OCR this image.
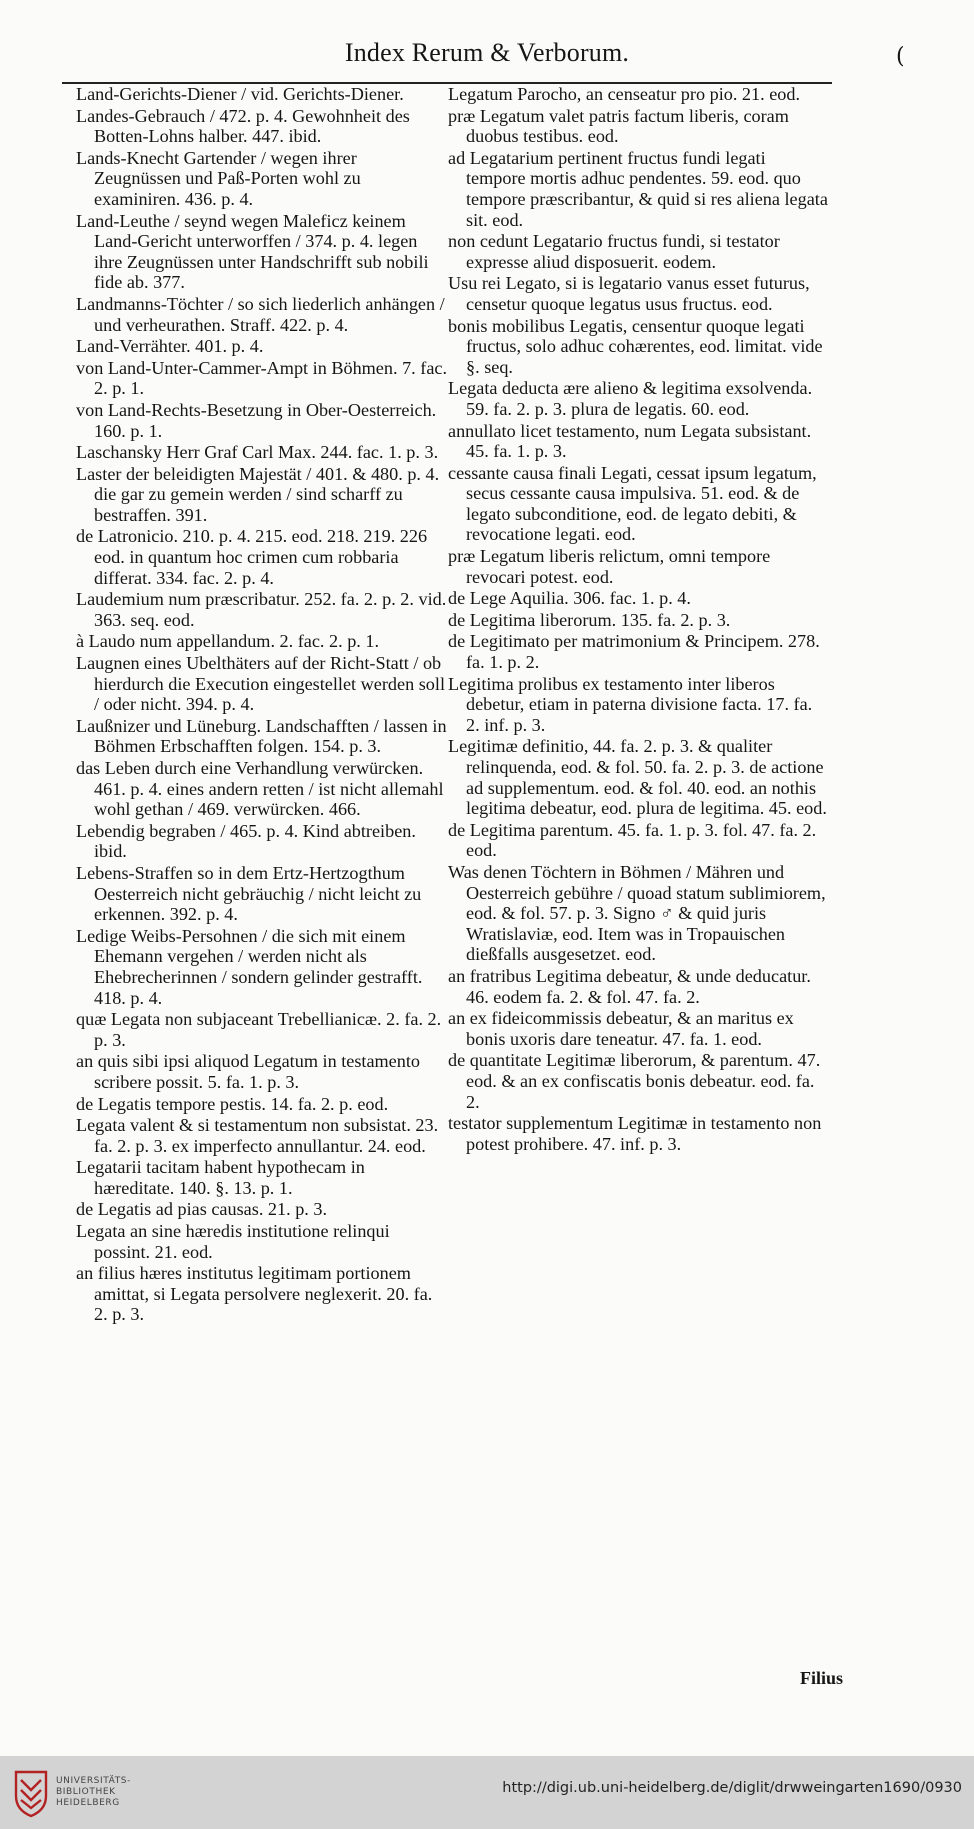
Index Rerum & Verborum.	(
Land-Gerichts-Diener / vid. Gerichts-Diener.
Landes-Gebrauch / 472. p. 4. Gewohnheit des Botten-Lohns halber. 447. ibid.
Lands-Knecht Gartender / wegen ihrer Zeugnüssen und Paß-Porten wohl zu examiniren. 436. p. 4.
Land-Leuthe / seynd wegen Maleficz keinem Land-Gericht unterworffen / 374. p. 4. legen ihre Zeugnüssen unter Handschrifft sub nobili fide ab. 377.
Landmanns-Töchter / so sich liederlich anhängen / und verheurathen. Straff. 422. p. 4.
Land-Verrähter. 401. p. 4.
von Land-Unter-Cammer-Ampt in Böhmen. 7. fac. 2. p. 1.
von Land-Rechts-Besetzung in Ober-Oesterreich. 160. p. 1.
Laschansky Herr Graf Carl Max. 244. fac. 1. p. 3.
Laster der beleidigten Majestät / 401. & 480. p. 4. die gar zu gemein werden / sind scharff zu bestraffen. 391.
de Latronicio. 210. p. 4. 215. eod. 218. 219. 226 eod. in quantum hoc crimen cum robbaria differat. 334. fac. 2. p. 4.
Laudemium num præscribatur. 252. fa. 2. p. 2. vid. 363. seq. eod.
à Laudo num appellandum. 2. fac. 2. p. 1.
Laugnen eines Ubelthäters auf der Richt-Statt / ob hierdurch die Execution eingestellet werden soll / oder nicht. 394. p. 4.
Laußnizer und Lüneburg. Landschafften / lassen in Böhmen Erbschafften folgen. 154. p. 3.
das Leben durch eine Verhandlung verwürcken. 461. p. 4. eines andern retten / ist nicht allemahl wohl gethan / 469. verwürcken. 466.
Lebendig begraben / 465. p. 4. Kind abtreiben. ibid.
Lebens-Straffen so in dem Ertz-Hertzogthum Oesterreich nicht gebräuchig / nicht leicht zu erkennen. 392. p. 4.
Ledige Weibs-Persohnen / die sich mit einem Ehemann vergehen / werden nicht als Ehebrecherinnen / sondern gelinder gestrafft. 418. p. 4.
quæ Legata non subjaceant Trebellianicæ. 2. fa. 2. p. 3.
an quis sibi ipsi aliquod Legatum in testamento scribere possit. 5. fa. 1. p. 3.
de Legatis tempore pestis. 14. fa. 2. p. eod.
Legata valent & si testamentum non subsistat. 23. fa. 2. p. 3. ex imperfecto annullantur. 24. eod.
Legatarii tacitam habent hypothecam in hæreditate. 140. §. 13. p. 1.
de Legatis ad pias causas. 21. p. 3.
Legata an sine hæredis institutione relinqui possint. 21. eod.
an filius hæres institutus legitimam portionem amittat, si Legata persolvere neglexerit. 20. fa. 2. p. 3.
Legatum Parocho, an censeatur pro pio. 21. eod.
præ Legatum valet patris factum liberis, coram duobus testibus. eod.
ad Legatarium pertinent fructus fundi legati tempore mortis adhuc pendentes. 59. eod. quo tempore præscribantur, & quid si res aliena legata sit. eod.
non cedunt Legatario fructus fundi, si testator expresse aliud disposuerit. eodem.
Usu rei Legato, si is legatario vanus esset futurus, censetur quoque legatus usus fructus. eod.
bonis mobilibus Legatis, censentur quoque legati fructus, solo adhuc cohærentes, eod. limitat. vide §. seq.
Legata deducta ære alieno & legitima exsolvenda. 59. fa. 2. p. 3. plura de legatis. 60. eod.
annullato licet testamento, num Legata subsistant. 45. fa. 1. p. 3.
cessante causa finali Legati, cessat ipsum legatum, secus cessante causa impulsiva. 51. eod. & de legato subconditione, eod. de legato debiti, & revocatione legati. eod.
præ Legatum liberis relictum, omni tempore revocari potest. eod.
de Lege Aquilia. 306. fac. 1. p. 4.
de Legitima liberorum. 135. fa. 2. p. 3.
de Legitimato per matrimonium & Principem. 278. fa. 1. p. 2.
Legitima prolibus ex testamento inter liberos debetur, etiam in paterna divisione facta. 17. fa. 2. inf. p. 3.
Legitimæ definitio, 44. fa. 2. p. 3. & qualiter relinquenda, eod. & fol. 50. fa. 2. p. 3. de actione ad supplementum. eod. & fol. 40. eod. an nothis legitima debeatur, eod. plura de legitima. 45. eod.
de Legitima parentum. 45. fa. 1. p. 3. fol. 47. fa. 2. eod.
Was denen Töchtern in Böhmen / Mähren und Oesterreich gebühre / quoad statum sublimiorem, eod. & fol. 57. p. 3. Signo ♂ & quid juris Wratislaviæ, eod. Item was in Tropauischen dießfalls ausgesetzet. eod.
an fratribus Legitima debeatur, & unde deducatur. 46. eodem fa. 2. & fol. 47. fa. 2.
an ex fideicommissis debeatur, & an maritus ex bonis uxoris dare teneatur. 47. fa. 1. eod.
de quantitate Legitimæ liberorum, & parentum. 47. eod. & an ex confiscatis bonis debeatur. eod. fa. 2.
testator supplementum Legitimæ in testamento non potest prohibere. 47. inf. p. 3.
Filius
UNIVERSITÄTS-
BIBLIOTHEK
HEIDELBERG
http://digi.ub.uni-heidelberg.de/diglit/drwweingarten1690/0930
